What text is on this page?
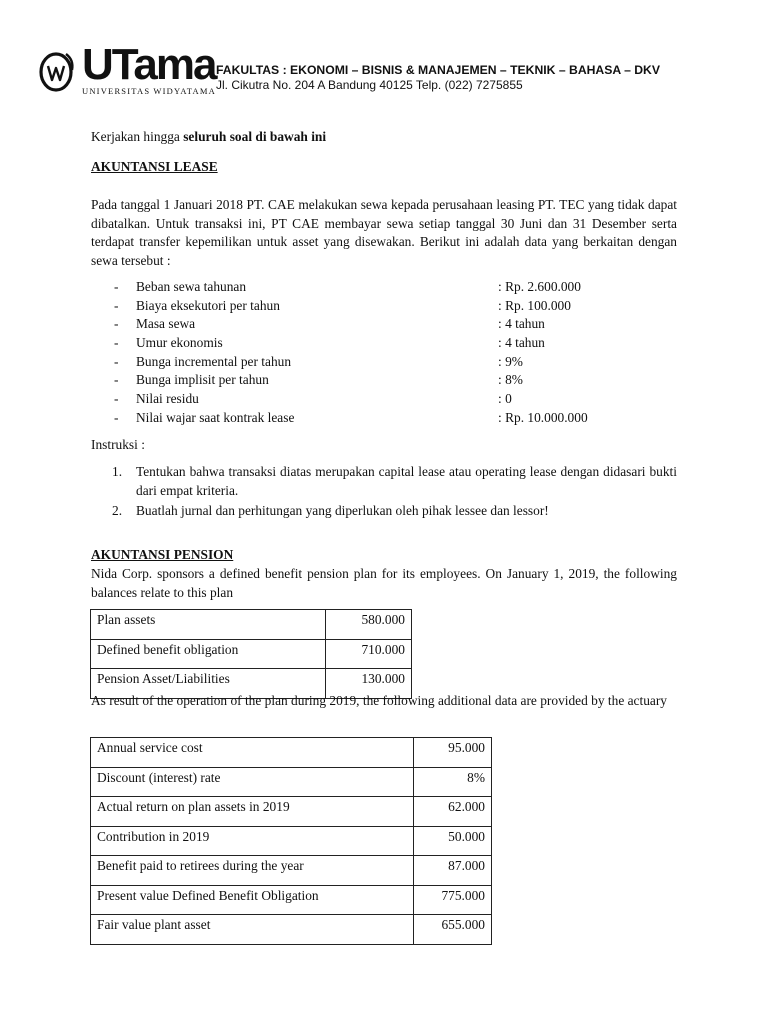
UTama
UNIVERSITAS WIDYATAMA
FAKULTAS : EKONOMI – BISNIS & MANAJEMEN – TEKNIK – BAHASA – DKV
Jl. Cikutra No. 204 A Bandung 40125 Telp. (022) 7275855
Kerjakan hingga seluruh soal di bawah ini
AKUNTANSI LEASE
Pada tanggal 1 Januari 2018 PT. CAE melakukan sewa kepada perusahaan leasing PT. TEC yang tidak dapat dibatalkan. Untuk transaksi ini, PT CAE membayar sewa setiap tanggal 30 Juni dan 31 Desember serta terdapat transfer kepemilikan untuk asset yang disewakan. Berikut ini adalah data yang berkaitan dengan sewa tersebut :
- Beban sewa tahunan	: Rp. 2.600.000
- Biaya eksekutori per tahun	: Rp. 100.000
- Masa sewa	: 4 tahun
- Umur ekonomis	: 4 tahun
- Bunga incremental per tahun	: 9%
- Bunga implisit per tahun	: 8%
- Nilai residu	: 0
- Nilai wajar saat kontrak lease	: Rp. 10.000.000
Instruksi :
1. Tentukan bahwa transaksi diatas merupakan capital lease atau operating lease dengan didasari bukti dari empat kriteria.
2. Buatlah jurnal dan perhitungan yang diperlukan oleh pihak lessee dan lessor!
AKUNTANSI PENSION
Nida Corp. sponsors a defined benefit pension plan for its employees. On January 1, 2019, the following balances relate to this plan
Plan assets	580.000
Defined benefit obligation	710.000
Pension Asset/Liabilities	130.000
As result of the operation of the plan during 2019, the following additional data are provided by the actuary
Annual service cost	95.000
Discount (interest) rate	8%
Actual return on plan assets in 2019	62.000
Contribution in 2019	50.000
Benefit paid to retirees during the year	87.000
Present value Defined Benefit Obligation	775.000
Fair value plant asset	655.000
